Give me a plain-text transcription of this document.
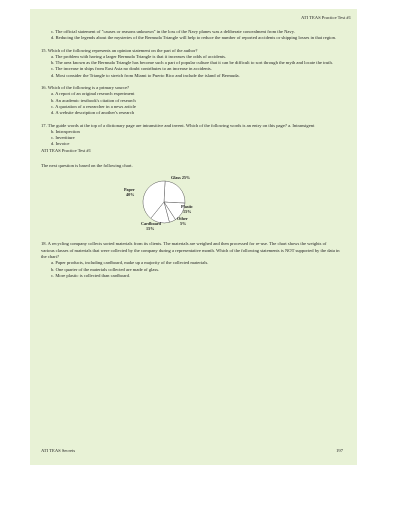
ATI TEAS Practice Test #1
c. The official statement of "causes or reasons unknown" in the loss of the Navy planes was a deliberate concealment from the Navy.
d. Reducing the legends about the mysteries of the Bermuda Triangle will help to reduce the number of reported accidents or shipping losses in that region.
15. Which of the following represents an opinion statement on the part of the author?
a. The problem with having a larger Bermuda Triangle is that it increases the odds of accidents.
b. The area known as the Bermuda Triangle has become such a part of popular culture that it can be difficult to sort through the myth and locate the truth.
c. The increase in ships from East Asia no doubt contributes to an increase in accidents.
d. Most consider the Triangle to stretch from Miami to Puerto Rico and include the island of Bermuda.
16. Which of the following is a primary source?
a. A report of an original research experiment
b. An academic textbook's citation of research
c. A quotation of a researcher in a news article
d. A website description of another's research
17. The guide words at the top of a dictionary page are intransitive and invent. Which of the following words is an entry on this page? a. Intransigent
b. Introspection
c. Invertiture
d. Invoice
ATI TEAS Practice Test #1
The next question is based on the following chart.
Paper
40%
Glass 25%
Plastic
15%
Other
5%
Cardboard
15%
18. A recycling company collects sorted materials from its clients. The materials are weighed and then processed for re-use. The chart shows the weights of various classes of materials that were collected by the company during a representative month. Which of the following statements is NOT supported by the data in the chart?
a. Paper products, including cardboard, make up a majority of the collected materials.
b. One quarter of the materials collected are made of glass.
c. More plastic is collected than cardboard.
ATI TEAS Secrets	197
